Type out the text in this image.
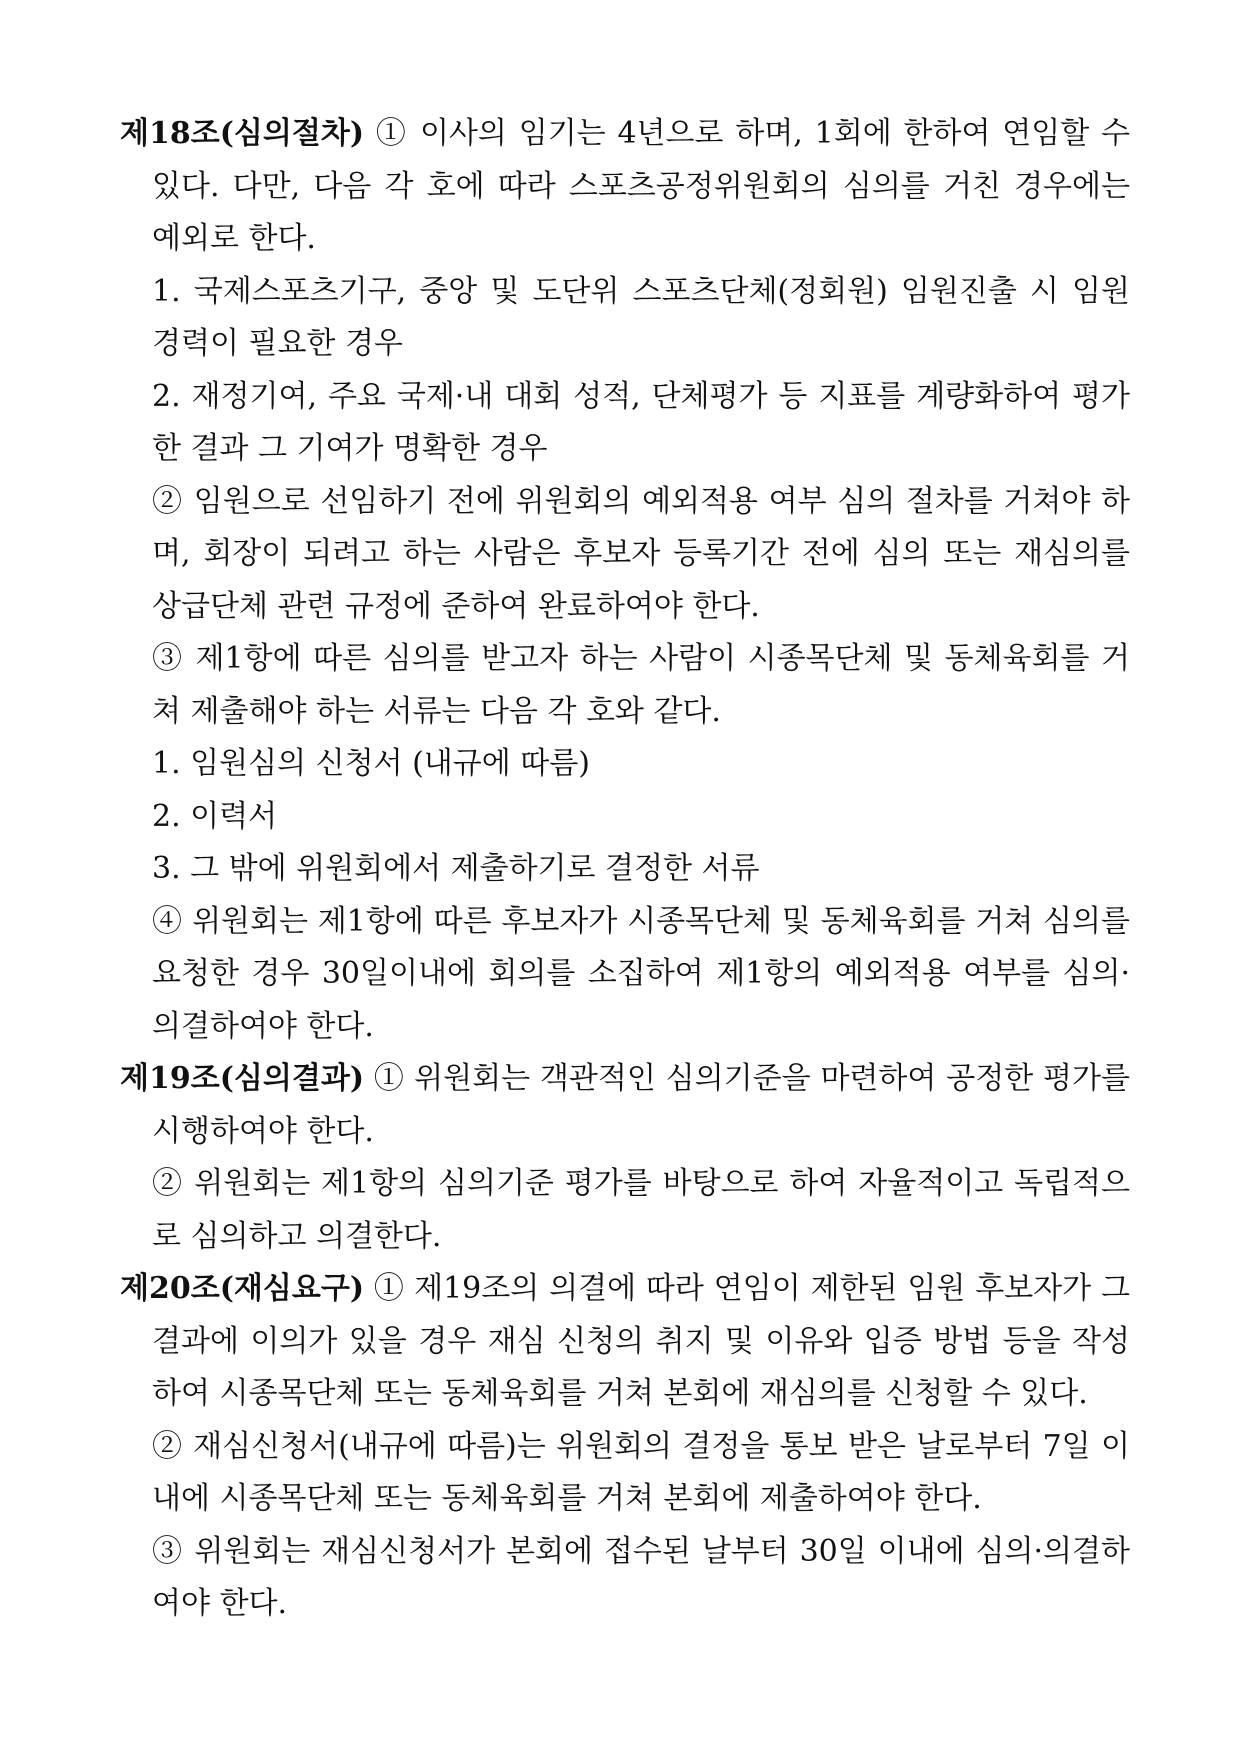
제18조(심의절차) ① 이사의 임기는 4년으로 하며, 1회에 한하여 연임할 수 있다. 다만, 다음 각 호에 따라 스포츠공정위원회의 심의를 거친 경우에는 예외로 한다.

1. 국제스포츠기구, 중앙 및 도단위 스포츠단체(정회원) 임원진출 시 임원경력이 필요한 경우

2. 재정기여, 주요 국제·내 대회 성적, 단체평가 등 지표를 계량화하여 평가한 결과 그 기여가 명확한 경우

② 임원으로 선임하기 전에 위원회의 예외적용 여부 심의 절차를 거쳐야 하며, 회장이 되려고 하는 사람은 후보자 등록기간 전에 심의 또는 재심의를 상급단체 관련 규정에 준하여 완료하여야 한다.

③ 제1항에 따른 심의를 받고자 하는 사람이 시종목단체 및 동체육회를 거쳐 제출해야 하는 서류는 다음 각 호와 같다.

1. 임원심의 신청서 (내규에 따름)

2. 이력서

3. 그 밖에 위원회에서 제출하기로 결정한 서류

④ 위원회는 제1항에 따른 후보자가 시종목단체 및 동체육회를 거쳐 심의를 요청한 경우 30일이내에 회의를 소집하여 제1항의 예외적용 여부를 심의·의결하여야 한다.

제19조(심의결과) ① 위원회는 객관적인 심의기준을 마련하여 공정한 평가를 시행하여야 한다.

② 위원회는 제1항의 심의기준 평가를 바탕으로 하여 자율적이고 독립적으로 심의하고 의결한다.

제20조(재심요구) ① 제19조의 의결에 따라 연임이 제한된 임원 후보자가 그 결과에 이의가 있을 경우 재심 신청의 취지 및 이유와 입증 방법 등을 작성하여 시종목단체 또는 동체육회를 거쳐 본회에 재심의를 신청할 수 있다.

② 재심신청서(내규에 따름)는 위원회의 결정을 통보 받은 날로부터 7일 이내에 시종목단체 또는 동체육회를 거쳐 본회에 제출하여야 한다.

③ 위원회는 재심신청서가 본회에 접수된 날부터 30일 이내에 심의·의결하여야 한다.
